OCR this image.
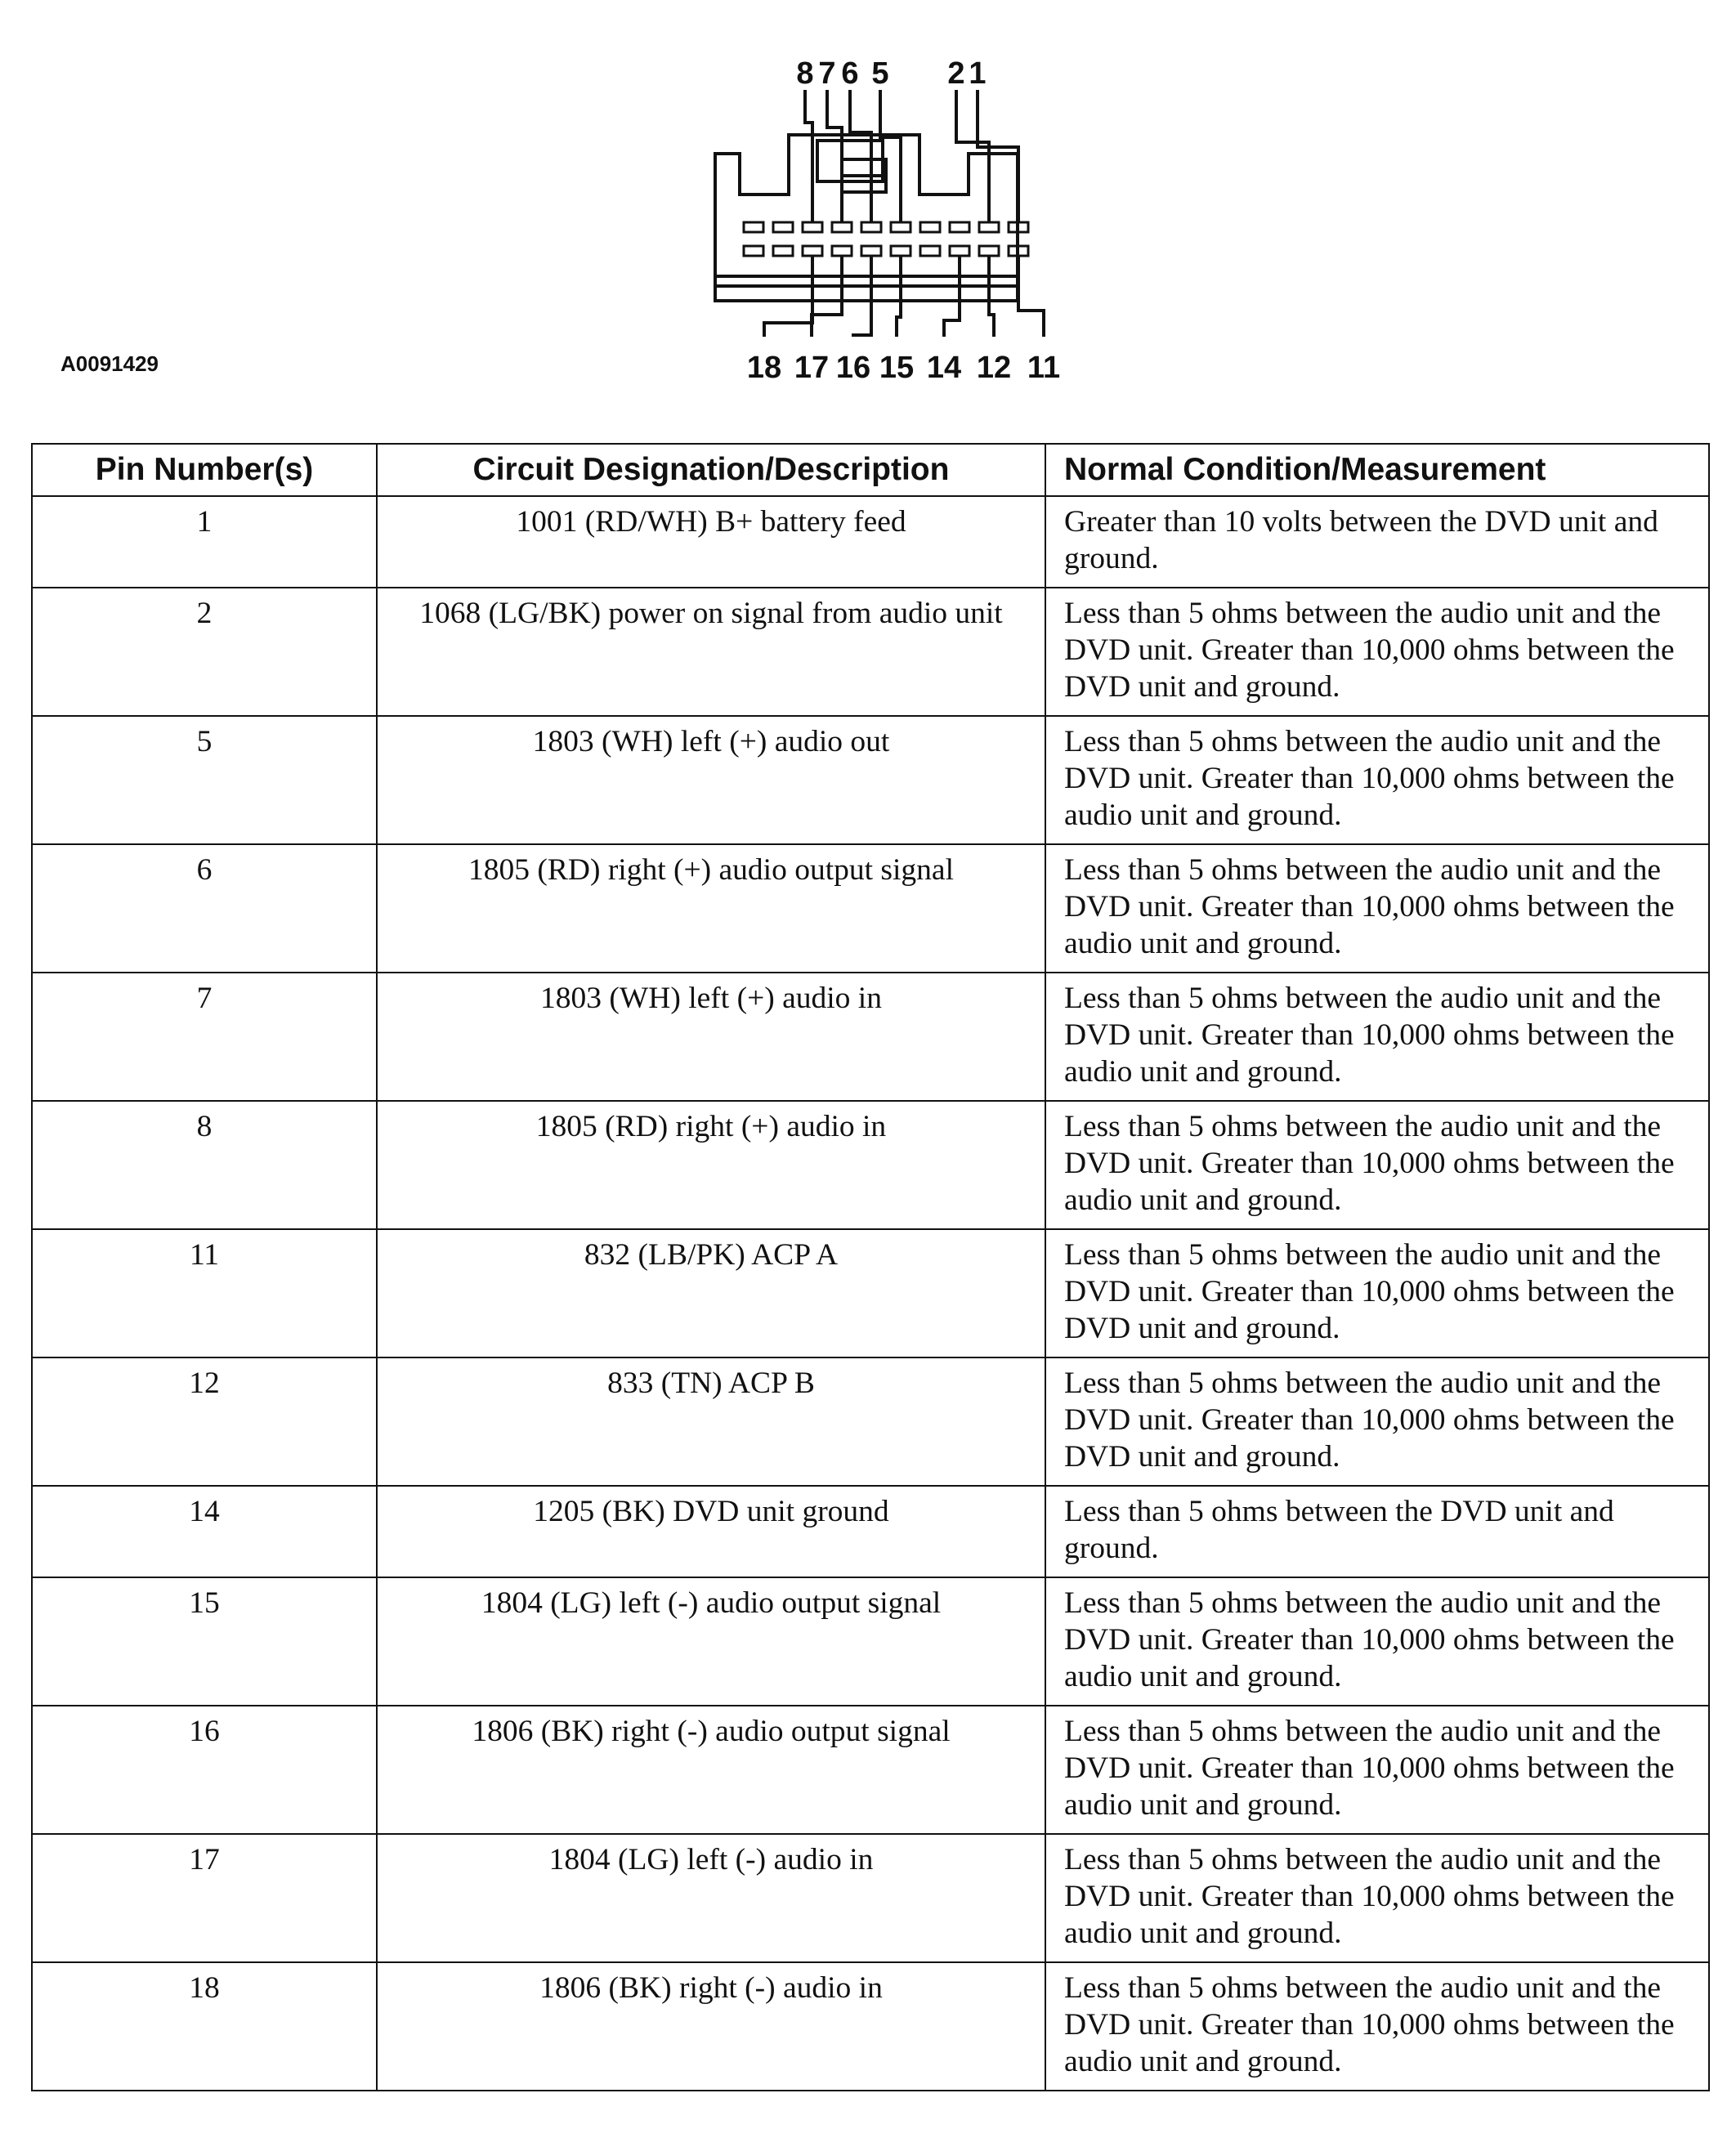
8 7 6 5 2 1
18 17 16 15 14 12 11
A0091429
Pin Number(s)	Circuit Designation/Description	Normal Condition/Measurement
1	1001 (RD/WH) B+ battery feed	Greater than 10 volts between the DVD unit and ground.
2	1068 (LG/BK) power on signal from audio unit	Less than 5 ohms between the audio unit and the DVD unit. Greater than 10,000 ohms between the DVD unit and ground.
5	1803 (WH) left (+) audio out	Less than 5 ohms between the audio unit and the DVD unit. Greater than 10,000 ohms between the audio unit and ground.
6	1805 (RD) right (+) audio output signal	Less than 5 ohms between the audio unit and the DVD unit. Greater than 10,000 ohms between the audio unit and ground.
7	1803 (WH) left (+) audio in	Less than 5 ohms between the audio unit and the DVD unit. Greater than 10,000 ohms between the audio unit and ground.
8	1805 (RD) right (+) audio in	Less than 5 ohms between the audio unit and the DVD unit. Greater than 10,000 ohms between the audio unit and ground.
11	832 (LB/PK) ACP A	Less than 5 ohms between the audio unit and the DVD unit. Greater than 10,000 ohms between the DVD unit and ground.
12	833 (TN) ACP B	Less than 5 ohms between the audio unit and the DVD unit. Greater than 10,000 ohms between the DVD unit and ground.
14	1205 (BK) DVD unit ground	Less than 5 ohms between the DVD unit and ground.
15	1804 (LG) left (-) audio output signal	Less than 5 ohms between the audio unit and the DVD unit. Greater than 10,000 ohms between the audio unit and ground.
16	1806 (BK) right (-) audio output signal	Less than 5 ohms between the audio unit and the DVD unit. Greater than 10,000 ohms between the audio unit and ground.
17	1804 (LG) left (-) audio in	Less than 5 ohms between the audio unit and the DVD unit. Greater than 10,000 ohms between the audio unit and ground.
18	1806 (BK) right (-) audio in	Less than 5 ohms between the audio unit and the DVD unit. Greater than 10,000 ohms between the audio unit and ground.
